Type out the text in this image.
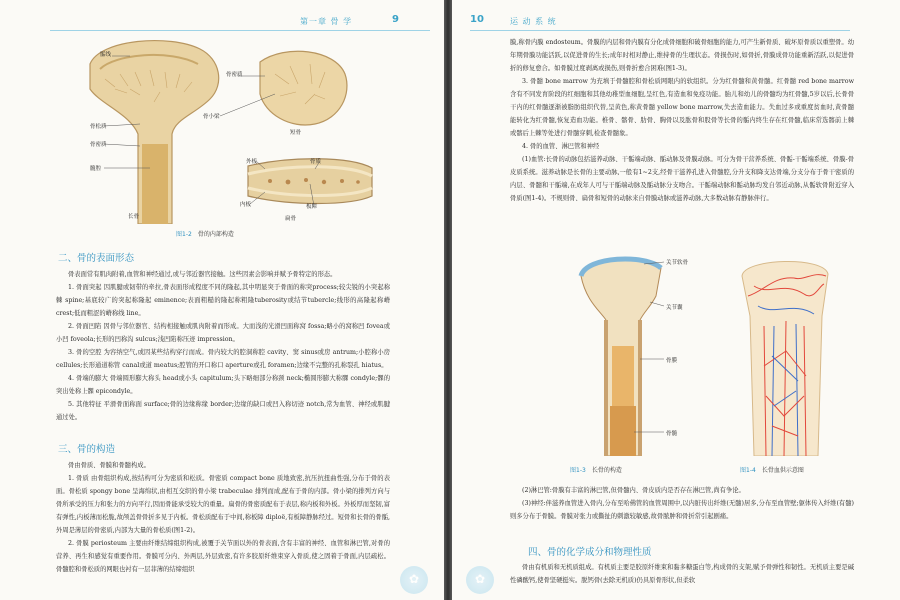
第一章 骨 学	9
骺线
骨松质
骨密质
髓腔
长骨
骨密质
骨小梁
短骨
外板	骨质
内板	板障
扁骨
图1-2 骨的内部构造
二、骨的表面形态

骨表面常有肌肉附着,血管和神经通过,或与邻近器官接触。这些因素会影响并赋予骨特定的形态。

1. 骨面突起 因肌腱或韧带的牵拉,骨表面形成程度不同的隆起,其中明显突于骨面的称突process;较尖锐的小突起称棘 spine;基底较广的突起称隆起 eminence;表面粗糙的隆起称粗隆tuberosity或结节tubercle;线形的高隆起称嵴 crest;低而粗涩的嵴称线 line。

2. 骨面凹陷 因骨与邻位器官、结构相接触或肌肉附着而形成。大而浅的光滑凹面称窝 fossa;略小的窝称凹 fovea或小凹 foveola;长形的凹称沟 sulcus;浅凹陷称压迹 impression。

3. 骨的空腔 为容纳空气,或因某些结构穿行而成。骨内较大的腔洞称腔 cavity、窦 sinus或房 antrum;小腔称小房 cellules;长形通道称管 canal或道 meatus;腔管的开口称口 aperture或孔 foramen;边缘不完整的孔称裂孔 hiatus。

4. 骨端的膨大 骨端圆形膨大称头 head或小头 capitulum;头下略细部分称颈 neck;椭圆形膨大称髁 condyle;髁的突出处称上髁 epicondyle。

5. 其他特征 平滑骨面称面 surface;骨的边缘称缘 border;边缘的缺口或凹入称切迹 notch,常为血管、神经或肌腱通过处。

三、骨的构造

骨由骨质、骨膜和骨髓构成。

1. 骨质 由骨组织构成,按结构可分为密质和松质。骨密质 compact bone 质地致密,抗压抗扭曲性强,分布于骨的表面。骨松质 spongy bone 呈海绵状,由相互交织的骨小梁 trabeculae 排列而成,配布于骨的内部。骨小梁的排列方向与骨所承受的压力和张力的方向平行,因而骨能承受较大的重量。扁骨的骨密质配布于表层,称内板和外板。外板厚而坚韧,富有弹性,内板薄而松脆,故颅盖骨骨折多见于内板。骨松质配布于中间,称板障 diploë,有板障静脉经过。短骨和长骨的骨骺,外周是薄层的骨密质,内部为大量的骨松质(图1-2)。

2. 骨膜 periosteum 主要由纤维结缔组织构成,被覆于关节面以外的骨表面,含有丰富的神经、血管和淋巴管,对骨的营养、再生和感觉有重要作用。骨膜可分内、外两层,外层致密,有许多胶原纤维束穿入骨质,使之固着于骨面,内层疏松。骨髓腔和骨松质的网眼也衬有一层菲薄的结缔组织

✿
10	运 动 系 统

膜,称骨内膜 endosteum。骨膜的内层和骨内膜有分化成骨细胞和破骨细胞的能力,可产生新骨质、破坏原骨质以重塑骨。幼年期骨膜功能活跃,以促进骨的生长;成年时相对静止,维持骨的生理状态。骨损伤时,如骨折,骨膜成骨功能重新活跃,以促进骨折的修复愈合。如骨膜过度剥离或损伤,则骨折愈合困难(图1-3)。

3. 骨髓 bone marrow 为充填于骨髓腔和骨松质网眼内的软组织。分为红骨髓和黄骨髓。红骨髓 red bone marrow 含有不同发育阶段的红细胞和其他幼稚型血细胞,呈红色,有造血和免疫功能。胎儿和幼儿的骨髓均为红骨髓,5岁以后,长骨骨干内的红骨髓逐渐被脂肪组织代替,呈黄色,称黄骨髓 yellow bone marrow,失去造血能力。失血过多或重度贫血时,黄骨髓能转化为红骨髓,恢复造血功能。椎骨、髂骨、肋骨、胸骨以及肱骨和股骨等长骨的骺内终生存在红骨髓,临床常选髂前上棘或髂后上棘等处进行骨髓穿刺,检查骨髓象。

4. 骨的血管、淋巴管和神经

(1)血管:长骨的动脉包括滋养动脉、干骺端动脉、骺动脉及骨膜动脉。可分为骨干营养系统、骨骺-干骺端系统、骨膜-骨皮质系统。滋养动脉是长骨的主要动脉,一般有1~2支,经骨干滋养孔进入骨髓腔,分升支和降支达骨端,分支分布于骨干密质的内层、骨髓和干骺端,在成年人可与干骺端动脉及骺动脉分支吻合。干骺端动脉和骺动脉均发自邻近动脉,从骺软骨附近穿入骨质(图1-4)。不规则骨、扁骨和短骨的动脉来自骨膜动脉或滋养动脉,大多数动脉有静脉伴行。

关节软骨
关节囊
骨膜
骨髓
图1-3 长骨的构造	图1-4 长骨血供示意图

(2)淋巴管:骨膜有丰富的淋巴管,但骨髓内、骨皮质内是否存在淋巴管,尚有争论。

(3)神经:伴滋养血管进入骨内,分布至哈佛管的血管周围中,以内脏传出纤维(无髓)居多,分布至血管壁;躯体传入纤维(有髓)则多分布于骨膜。骨膜对张力或撕扯的刺激较敏感,故骨脓肿和骨折常引起剧痛。

四、骨的化学成分和物理性质

骨由有机质和无机质组成。有机质主要是胶原纤维束和黏多糖蛋白等,构成骨的支架,赋予骨弹性和韧性。无机质主要是碱性磷酸钙,使骨坚硬挺实。脱钙骨(去除无机质)仍具原骨形状,但柔软

✿
